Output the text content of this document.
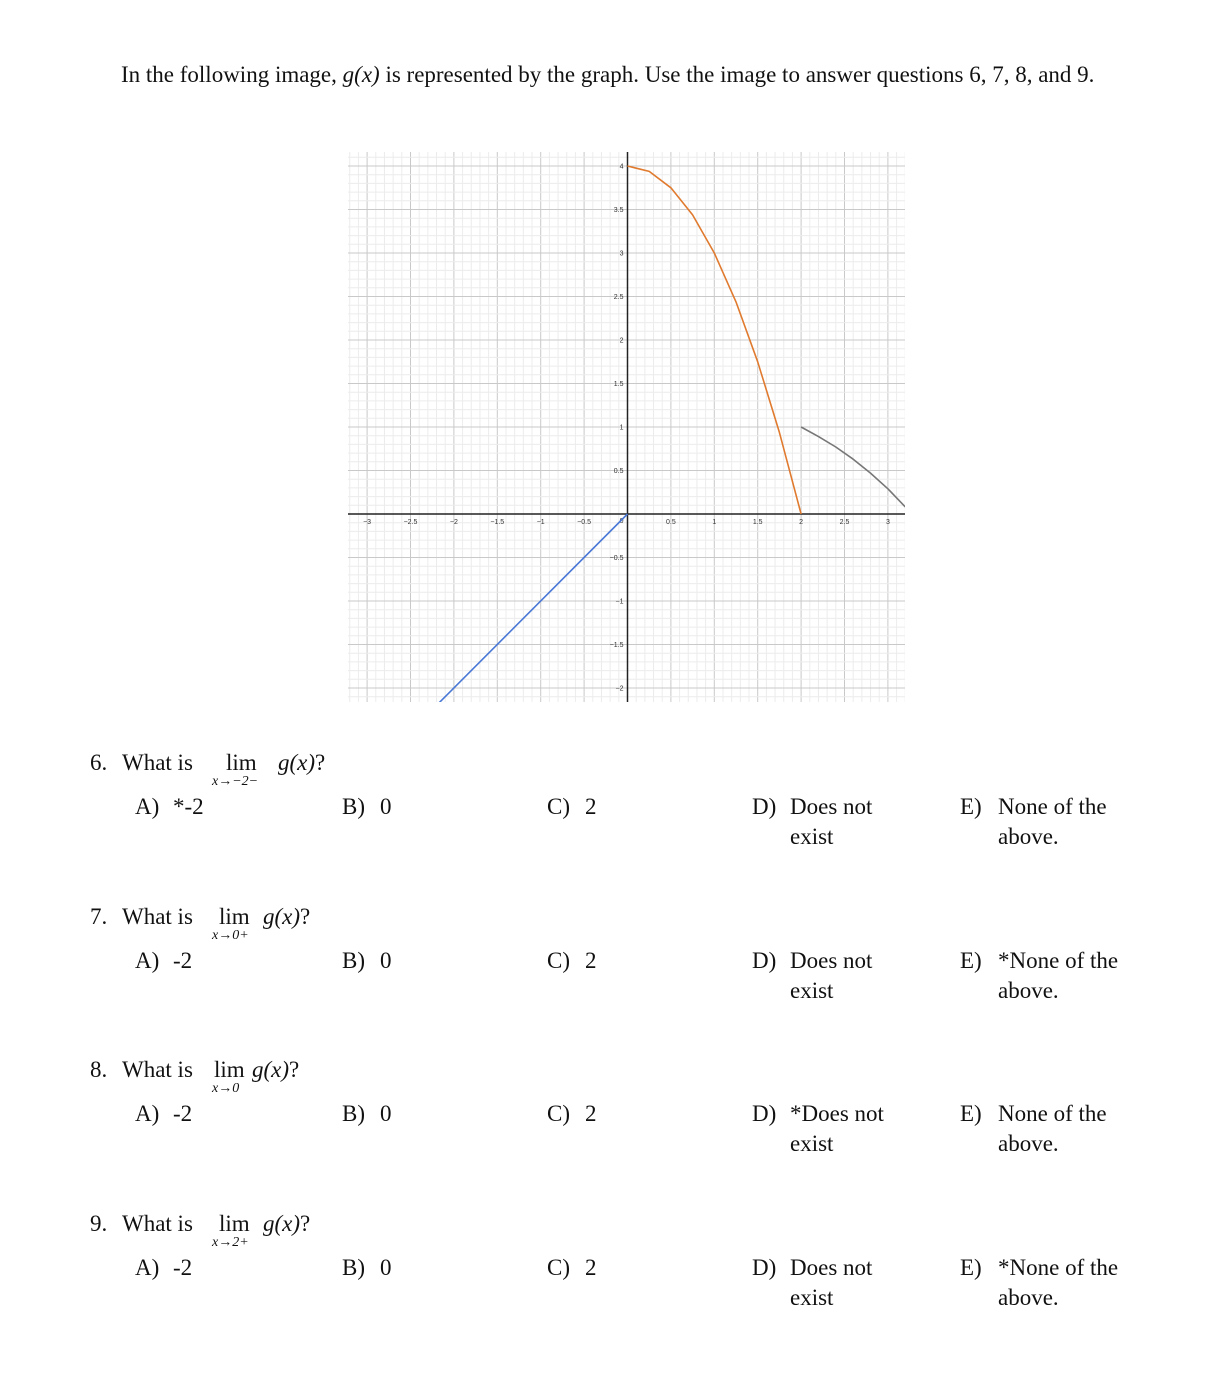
In the following image, g(x) is represented by the graph. Use the image to answer questions 6, 7, 8, and 9.
−3	−2.5	−2	−1.5	−1	−0.5	0.5	1	1.5	2	2.5	3
4
3.5
3
2.5
2
1.5
1
0.5
−0.5
−1
−1.5
−2
0
6. What is lim
x→−2−
g(x)?
A) *-2	B) 0	C) 2	D) Does not
exist
E) None of the
above.
7. What is lim
x→0+
g(x)?
A) -2	B) 0	C) 2	D) Does not
exist
E) *None of the
above.
8. What is lim
x→0
g(x)?
A) -2	B) 0	C) 2	D) *Does not
exist
E) None of the
above.
9. What is lim
x→2+
g(x)?
A) -2	B) 0	C) 2	D) Does not
exist
E) *None of the
above.
